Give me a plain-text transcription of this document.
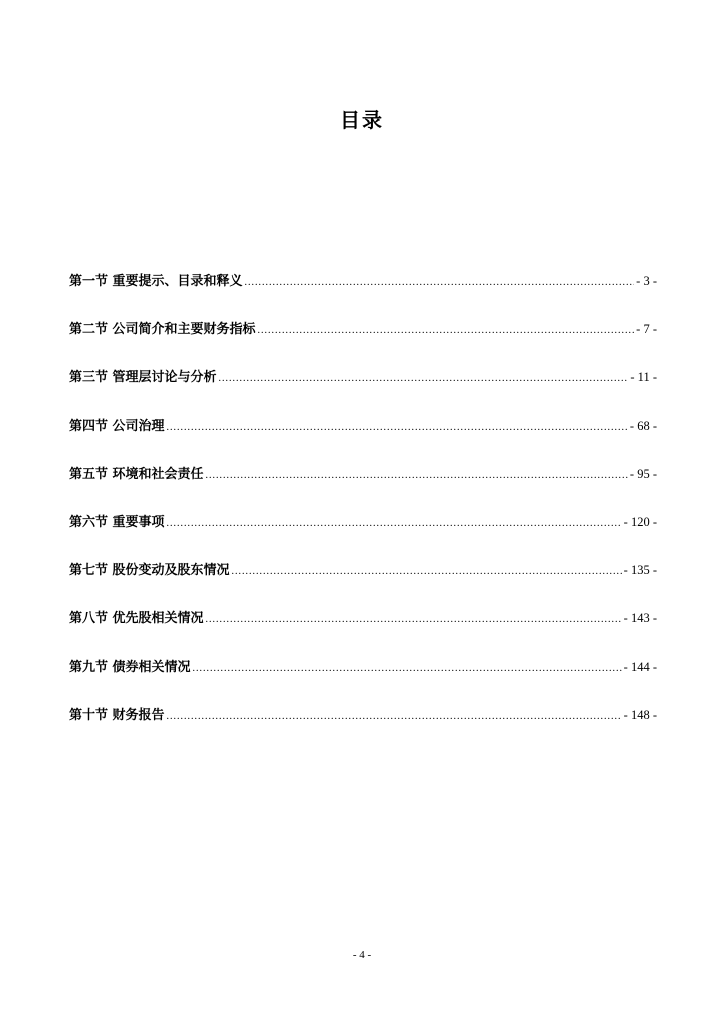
目录
第一节 重要提示、目录和释义 .....	- 3 -
第二节 公司简介和主要财务指标 .....	- 7 -
第三节 管理层讨论与分析 .....	- 11 -
第四节 公司治理 .....	- 68 -
第五节 环境和社会责任 .....	- 95 -
第六节 重要事项 .....	- 120 -
第七节 股份变动及股东情况 .....	- 135 -
第八节 优先股相关情况 .....	- 143 -
第九节 债券相关情况 .....	- 144 -
第十节 财务报告 .....	- 148 -
- 4 -
